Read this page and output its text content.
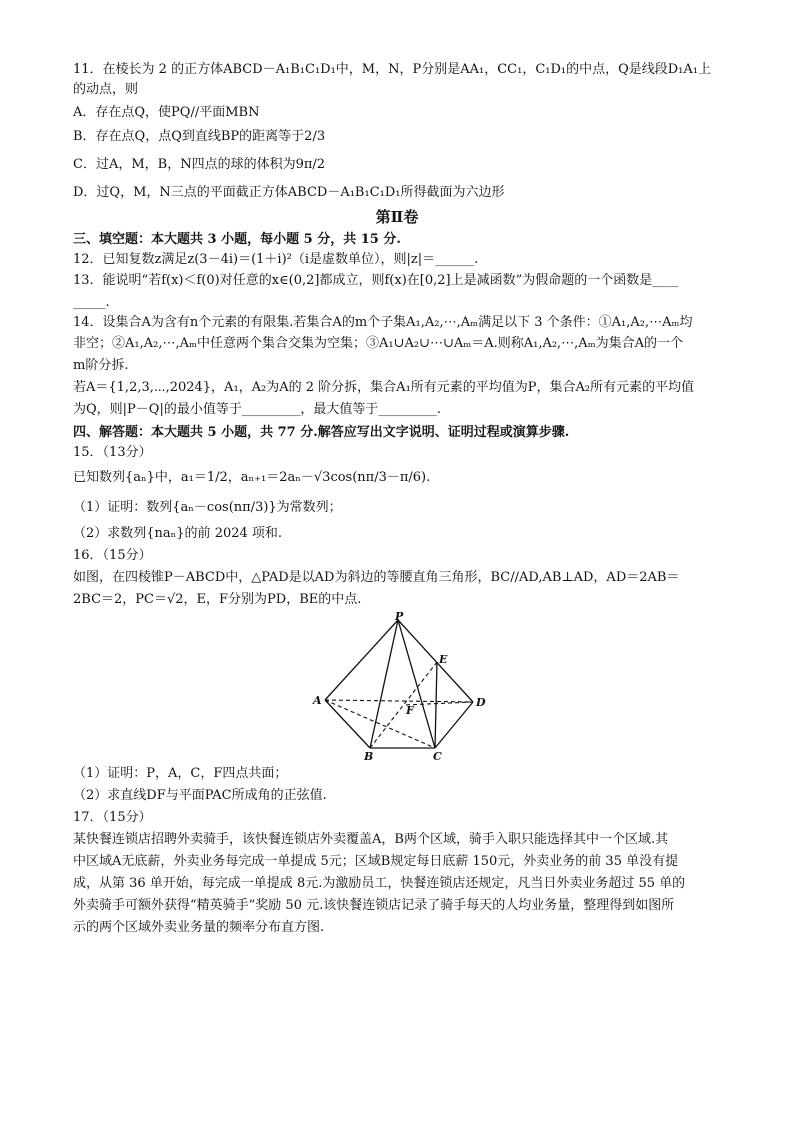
11．在棱长为 2 的正方体ABCD－A₁B₁C₁D₁中，M，N，P分别是AA₁，CC₁，C₁D₁的中点，Q是线段D₁A₁上
的动点，则
A．存在点Q，使PQ//平面MBN
B．存在点Q，点Q到直线BP的距离等于2/3
C．过A，M，B，N四点的球的体积为9π/2
D．过Q，M，N三点的平面截正方体ABCD－A₁B₁C₁D₁所得截面为六边形
第Ⅱ卷
三、填空题：本大题共 3 小题，每小题 5 分，共 15 分.
12．已知复数z满足z(3－4i)＝(1＋i)²（i是虚数单位），则|z|＝______.
13．能说明“若f(x)＜f(0)对任意的x∈(0,2]都成立，则f(x)在[0,2]上是减函数”为假命题的一个函数是____
_____.
14．设集合A为含有n个元素的有限集.若集合A的m个子集A₁,A₂,⋯,Aₘ满足以下 3 个条件：①A₁,A₂,⋯Aₘ均
非空；②A₁,A₂,⋯,Aₘ中任意两个集合交集为空集；③A₁∪A₂∪⋯∪Aₘ＝A.则称A₁,A₂,⋯,Aₘ为集合A的一个
m阶分拆.
若A＝{1,2,3,⋯,2024}，A₁，A₂为A的 2 阶分拆，集合A₁所有元素的平均值为P，集合A₂所有元素的平均值
为Q，则|P－Q|的最小值等于_________，最大值等于_________.
四、解答题：本大题共 5 小题，共 77 分.解答应写出文字说明、证明过程或演算步骤.
15．（13分）
已知数列{aₙ}中，a₁＝1/2，aₙ₊₁＝2aₙ－√3cos(nπ/3－π/6).
（1）证明：数列{aₙ－cos(nπ/3)}为常数列；
（2）求数列{naₙ}的前 2024 项和.
16．（15分）
如图，在四棱锥P－ABCD中，△PAD是以AD为斜边的等腰直角三角形，BC//AD,AB⊥AD，AD＝2AB＝
2BC＝2，PC＝√2，E，F分别为PD，BE的中点.
P
E
A
F
D
B	C
（1）证明：P，A，C，F四点共面；
（2）求直线DF与平面PAC所成角的正弦值.
17．（15分）
某快餐连锁店招聘外卖骑手，该快餐连锁店外卖覆盖A，B两个区域，骑手入职只能选择其中一个区域.其
中区域A无底薪，外卖业务每完成一单提成 5元；区域B规定每日底薪 150元，外卖业务的前 35 单没有提
成，从第 36 单开始，每完成一单提成 8元.为激励员工，快餐连锁店还规定，凡当日外卖业务超过 55 单的
外卖骑手可额外获得“精英骑手”奖励 50 元.该快餐连锁店记录了骑手每天的人均业务量，整理得到如图所
示的两个区域外卖业务量的频率分布直方图.
